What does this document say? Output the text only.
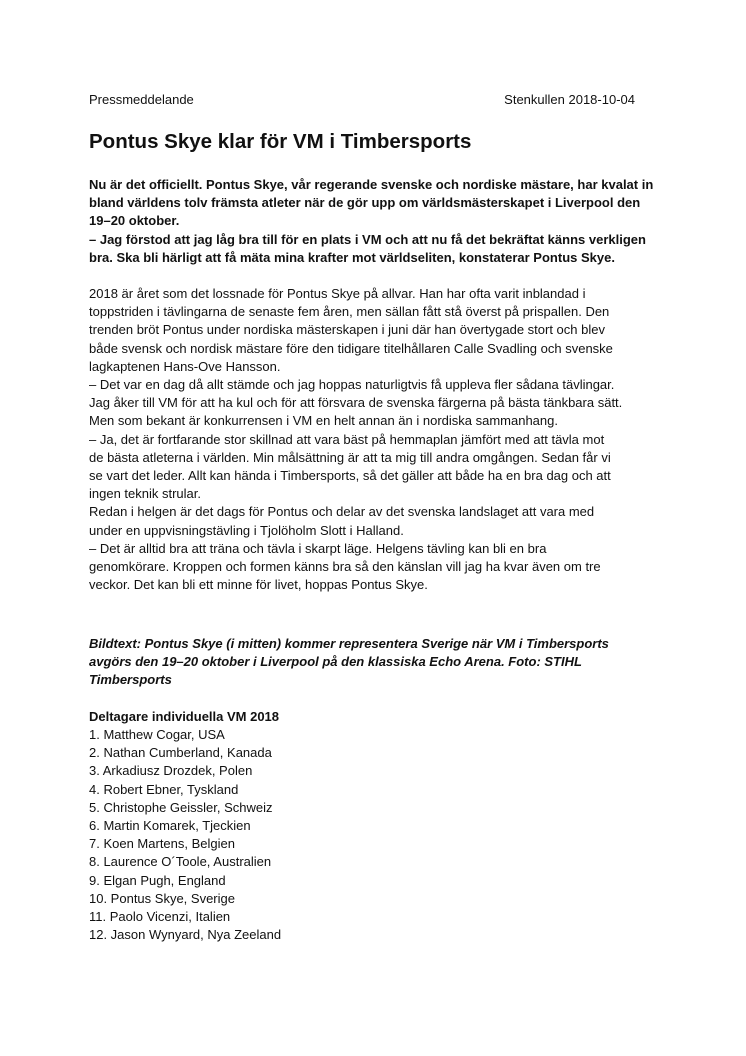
Pressmeddelande	Stenkullen 2018-10-04
Pontus Skye klar för VM i Timbersports
Nu är det officiellt. Pontus Skye, vår regerande svenske och nordiske mästare, har kvalat in
bland världens tolv främsta atleter när de gör upp om världsmästerskapet i Liverpool den
19–20 oktober.
– Jag förstod att jag låg bra till för en plats i VM och att nu få det bekräftat känns verkligen
bra. Ska bli härligt att få mäta mina krafter mot världseliten, konstaterar Pontus Skye.
2018 är året som det lossnade för Pontus Skye på allvar. Han har ofta varit inblandad i
toppstriden i tävlingarna de senaste fem åren, men sällan fått stå överst på prispallen. Den
trenden bröt Pontus under nordiska mästerskapen i juni där han övertygade stort och blev
både svensk och nordisk mästare före den tidigare titelhållaren Calle Svadling och svenske
lagkaptenen Hans-Ove Hansson.
– Det var en dag då allt stämde och jag hoppas naturligtvis få uppleva fler sådana tävlingar.
Jag åker till VM för att ha kul och för att försvara de svenska färgerna på bästa tänkbara sätt.
Men som bekant är konkurrensen i VM en helt annan än i nordiska sammanhang.
– Ja, det är fortfarande stor skillnad att vara bäst på hemmaplan jämfört med att tävla mot
de bästa atleterna i världen. Min målsättning är att ta mig till andra omgången. Sedan får vi
se vart det leder. Allt kan hända i Timbersports, så det gäller att både ha en bra dag och att
ingen teknik strular.
Redan i helgen är det dags för Pontus och delar av det svenska landslaget att vara med
under en uppvisningstävling i Tjolöholm Slott i Halland.
– Det är alltid bra att träna och tävla i skarpt läge. Helgens tävling kan bli en bra
genomkörare. Kroppen och formen känns bra så den känslan vill jag ha kvar även om tre
veckor. Det kan bli ett minne för livet, hoppas Pontus Skye.
Bildtext: Pontus Skye (i mitten) kommer representera Sverige när VM i Timbersports
avgörs den 19–20 oktober i Liverpool på den klassiska Echo Arena. Foto: STIHL
Timbersports
Deltagare individuella VM 2018
1. Matthew Cogar, USA
2. Nathan Cumberland, Kanada
3. Arkadiusz Drozdek, Polen
4. Robert Ebner, Tyskland
5. Christophe Geissler, Schweiz
6. Martin Komarek, Tjeckien
7. Koen Martens, Belgien
8. Laurence O´Toole, Australien
9. Elgan Pugh, England
10. Pontus Skye, Sverige
11. Paolo Vicenzi, Italien
12. Jason Wynyard, Nya Zeeland
